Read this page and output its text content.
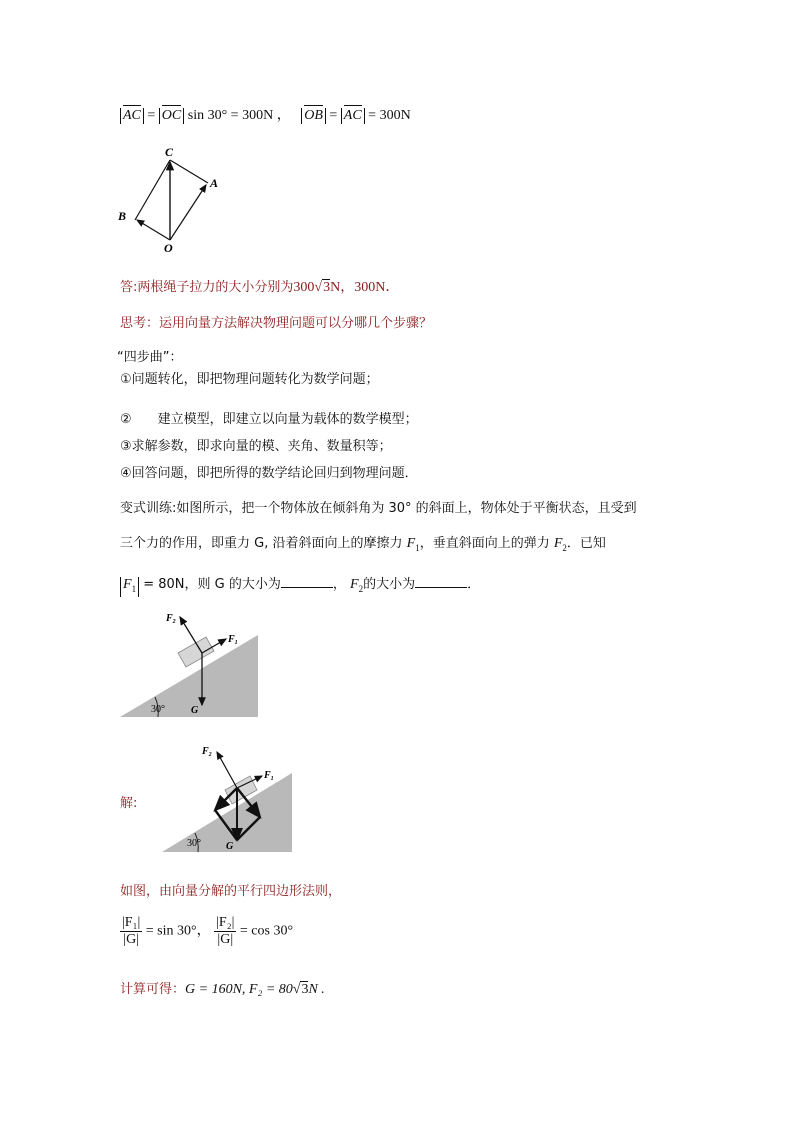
AC = OC sin 30° = 300N ， OB = AC = 300N
C
A
B
O
答:两根绳子拉力的大小分别为300√3N，300N．
思考：运用向量方法解决物理问题可以分哪几个步骤？
“四步曲”：
①问题转化，即把物理问题转化为数学问题；
② 建立模型，即建立以向量为载体的数学模型；
③求解参数，即求向量的模、夹角、数量积等；
④回答问题，即把所得的数学结论回归到物理问题．
变式训练:如图所示，把一个物体放在倾斜角为 30° 的斜面上，物体处于平衡状态，且受到
三个力的作用，即重力 G, 沿着斜面向上的摩擦力 $F_1$，垂直斜面向上的弹力 $F_2$．已知
$F_1 = 80N$，则 G 的大小为	， $F_2$的大小为	．
$F_2$
$F_1$
G
30°
解:
$F_2$
$F_1$
G
30°
如图，由向量分解的平行四边形法则，
$\frac{\text{|F₁|}}{|G|} = \sin 30^\circ$， $\frac{\text{|F₂|}}{|G|} = \cos 30^\circ$
计算可得：G = 160N, F₂ = 80√3N .
